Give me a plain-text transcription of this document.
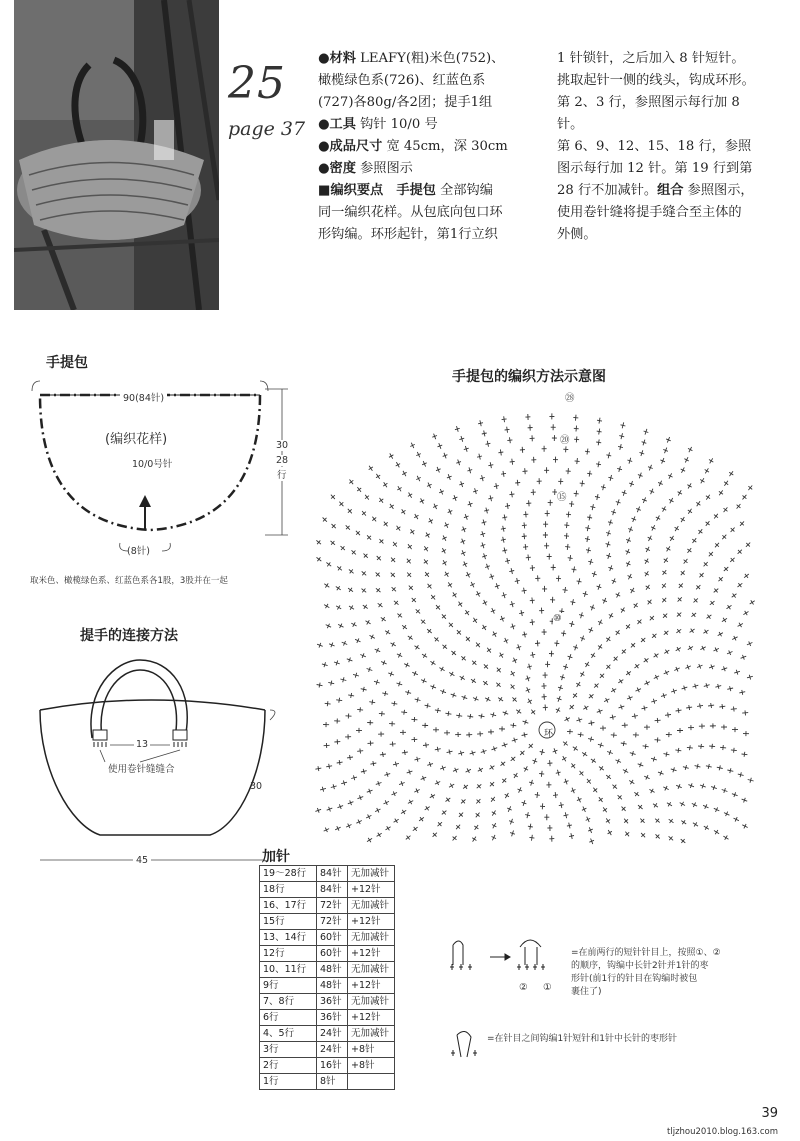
25
page 37
●材料 LEAFY(粗)米色(752)、
橄榄绿色系(726)、红蓝色系
(727)各80g/各2团；提手1组
●工具 钩针 10/0 号
●成品尺寸 宽 45cm，深 30cm
●密度 参照图示
■编织要点　手提包 全部钩编
同一编织花样。从包底向包口环
形钩编。环形起针，第1行立织
1 针锁针，之后加入 8 针短针。
挑取起针一侧的线头，钩成环形。
第 2、3 行，参照图示每行加 8 针。
第 6、9、12、15、18 行，参照
图示每行加 12 针。第 19 行到第
28 行不加减针。组合 参照图示，
使用卷针缝将提手缝合至主体的
外侧。
手提包
90(84针)
(编织花样)
10/0号针
30
28
行
(8针)
取米色、橄榄绿色系、红蓝色系各1股，3股并在一起
提手的连接方法
13
使用卷针缝缝合
30
45
手提包的编织方法示意图
环
㉘
⑳
⑮
⑩
加针
19～28行	84针	无加减针
18行	84针	+12针
16、17行	72针	无加减针
15行	72针	+12针
13、14行	60针	无加减针
12行	60针	+12针
10、11行	48针	无加减针
9行	48针	+12针
7、8行	36针	无加减针
6行	36针	+12针
4、5行	24针	无加减针
3行	24针	+8针
2行	16针	+8针
1行	8针	
② ①
=在前两行的短针针目上，按照①、②
的顺序，钩编中长针2针并1针的枣
形针(前1行的针目在钩编时被包
裹住了)
=在针目之间钩编1针短针和1针中长针的枣形针
39
tljzhou2010.blog.163.com
